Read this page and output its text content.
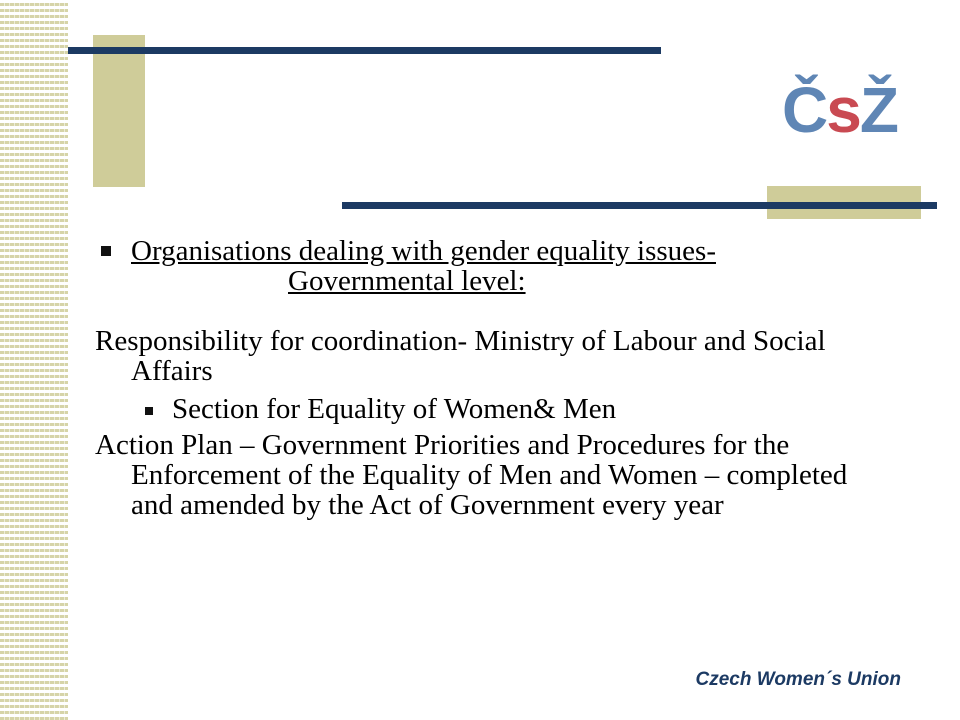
ČsŽ

Organisations dealing with gender equality issues-
Governmental level:

Responsibility for coordination- Ministry of Labour and Social Affairs

Section for Equality of Women& Men

Action Plan – Government Priorities and Procedures for the Enforcement of the Equality of Men and Women – completed and amended by the Act of Government every year

Czech Women´s Union
